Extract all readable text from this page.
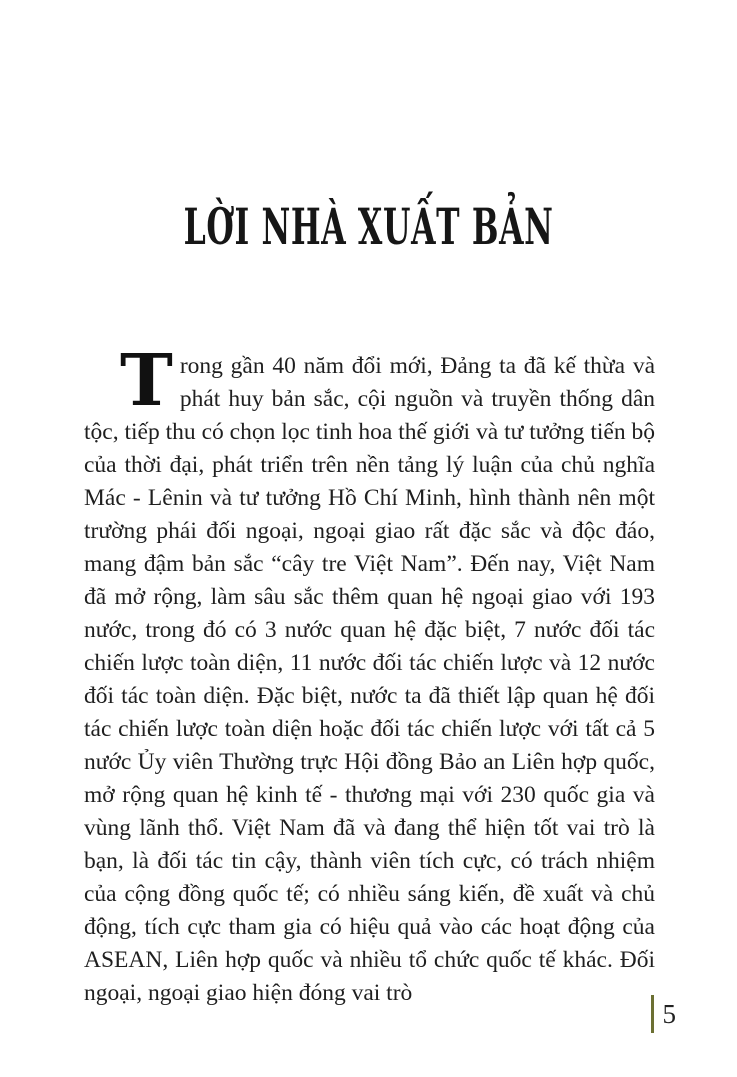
LỜI NHÀ XUẤT BẢN

Trong gần 40 năm đổi mới, Đảng ta đã kế thừa và phát huy bản sắc, cội nguồn và truyền thống dân tộc, tiếp thu có chọn lọc tinh hoa thế giới và tư tưởng tiến bộ của thời đại, phát triển trên nền tảng lý luận của chủ nghĩa Mác - Lênin và tư tưởng Hồ Chí Minh, hình thành nên một trường phái đối ngoại, ngoại giao rất đặc sắc và độc đáo, mang đậm bản sắc “cây tre Việt Nam”. Đến nay, Việt Nam đã mở rộng, làm sâu sắc thêm quan hệ ngoại giao với 193 nước, trong đó có 3 nước quan hệ đặc biệt, 7 nước đối tác chiến lược toàn diện, 11 nước đối tác chiến lược và 12 nước đối tác toàn diện. Đặc biệt, nước ta đã thiết lập quan hệ đối tác chiến lược toàn diện hoặc đối tác chiến lược với tất cả 5 nước Ủy viên Thường trực Hội đồng Bảo an Liên hợp quốc, mở rộng quan hệ kinh tế - thương mại với 230 quốc gia và vùng lãnh thổ. Việt Nam đã và đang thể hiện tốt vai trò là bạn, là đối tác tin cậy, thành viên tích cực, có trách nhiệm của cộng đồng quốc tế; có nhiều sáng kiến, đề xuất và chủ động, tích cực tham gia có hiệu quả vào các hoạt động của ASEAN, Liên hợp quốc và nhiều tổ chức quốc tế khác. Đối ngoại, ngoại giao hiện đóng vai trò

5
